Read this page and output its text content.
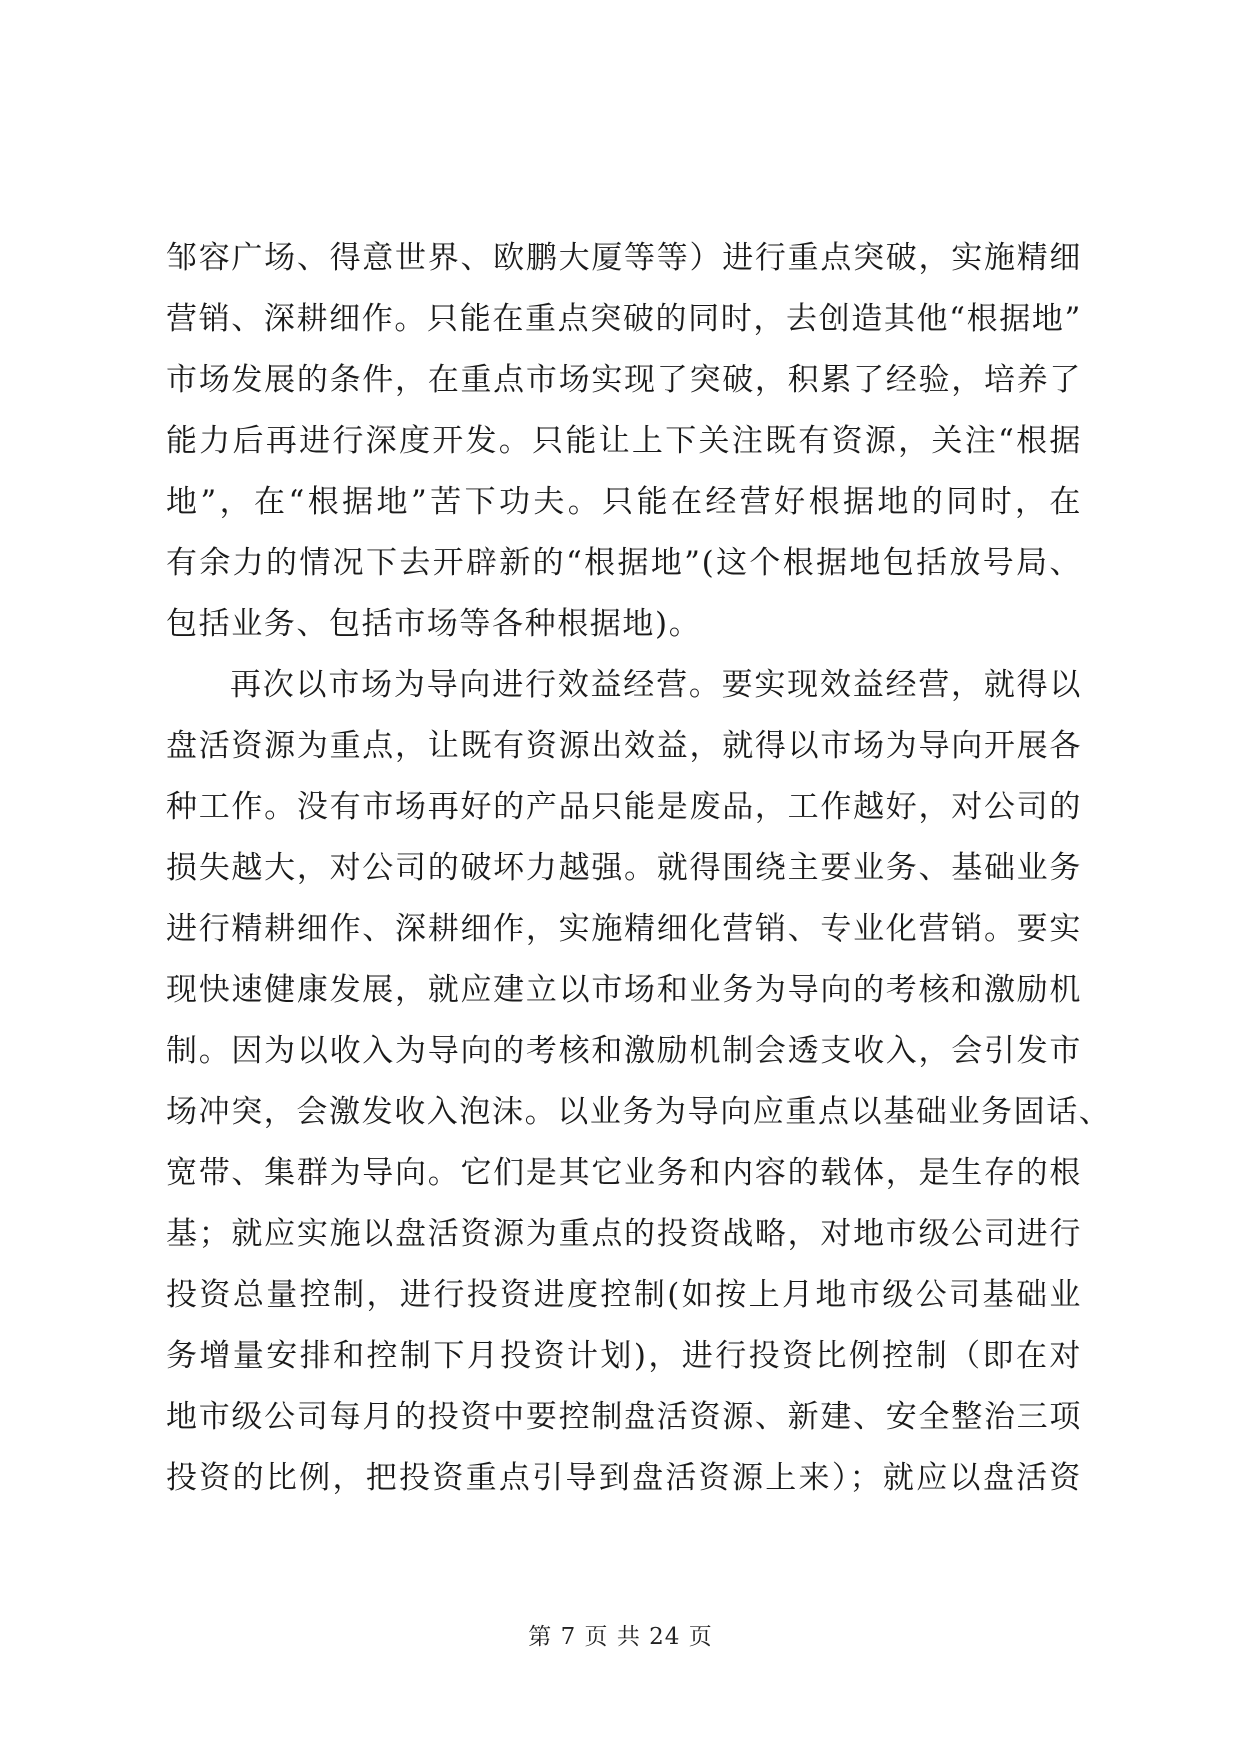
邹容广场、得意世界、欧鹏大厦等等）进行重点突破，实施精细
营销、深耕细作。只能在重点突破的同时，去创造其他“根据地”
市场发展的条件，在重点市场实现了突破，积累了经验，培养了
能力后再进行深度开发。只能让上下关注既有资源，关注“根据
地”，在“根据地”苦下功夫。只能在经营好根据地的同时，在
有余力的情况下去开辟新的“根据地”(这个根据地包括放号局、
包括业务、包括市场等各种根据地)。
再次以市场为导向进行效益经营。要实现效益经营，就得以
盘活资源为重点，让既有资源出效益，就得以市场为导向开展各
种工作。没有市场再好的产品只能是废品，工作越好，对公司的
损失越大，对公司的破坏力越强。就得围绕主要业务、基础业务
进行精耕细作、深耕细作，实施精细化营销、专业化营销。要实
现快速健康发展，就应建立以市场和业务为导向的考核和激励机
制。因为以收入为导向的考核和激励机制会透支收入，会引发市
场冲突，会激发收入泡沫。以业务为导向应重点以基础业务固话、
宽带、集群为导向。它们是其它业务和内容的载体，是生存的根
基；就应实施以盘活资源为重点的投资战略，对地市级公司进行
投资总量控制，进行投资进度控制(如按上月地市级公司基础业
务增量安排和控制下月投资计划)，进行投资比例控制（即在对
地市级公司每月的投资中要控制盘活资源、新建、安全整治三项
投资的比例，把投资重点引导到盘活资源上来）；就应以盘活资
第 7 页 共 24 页
